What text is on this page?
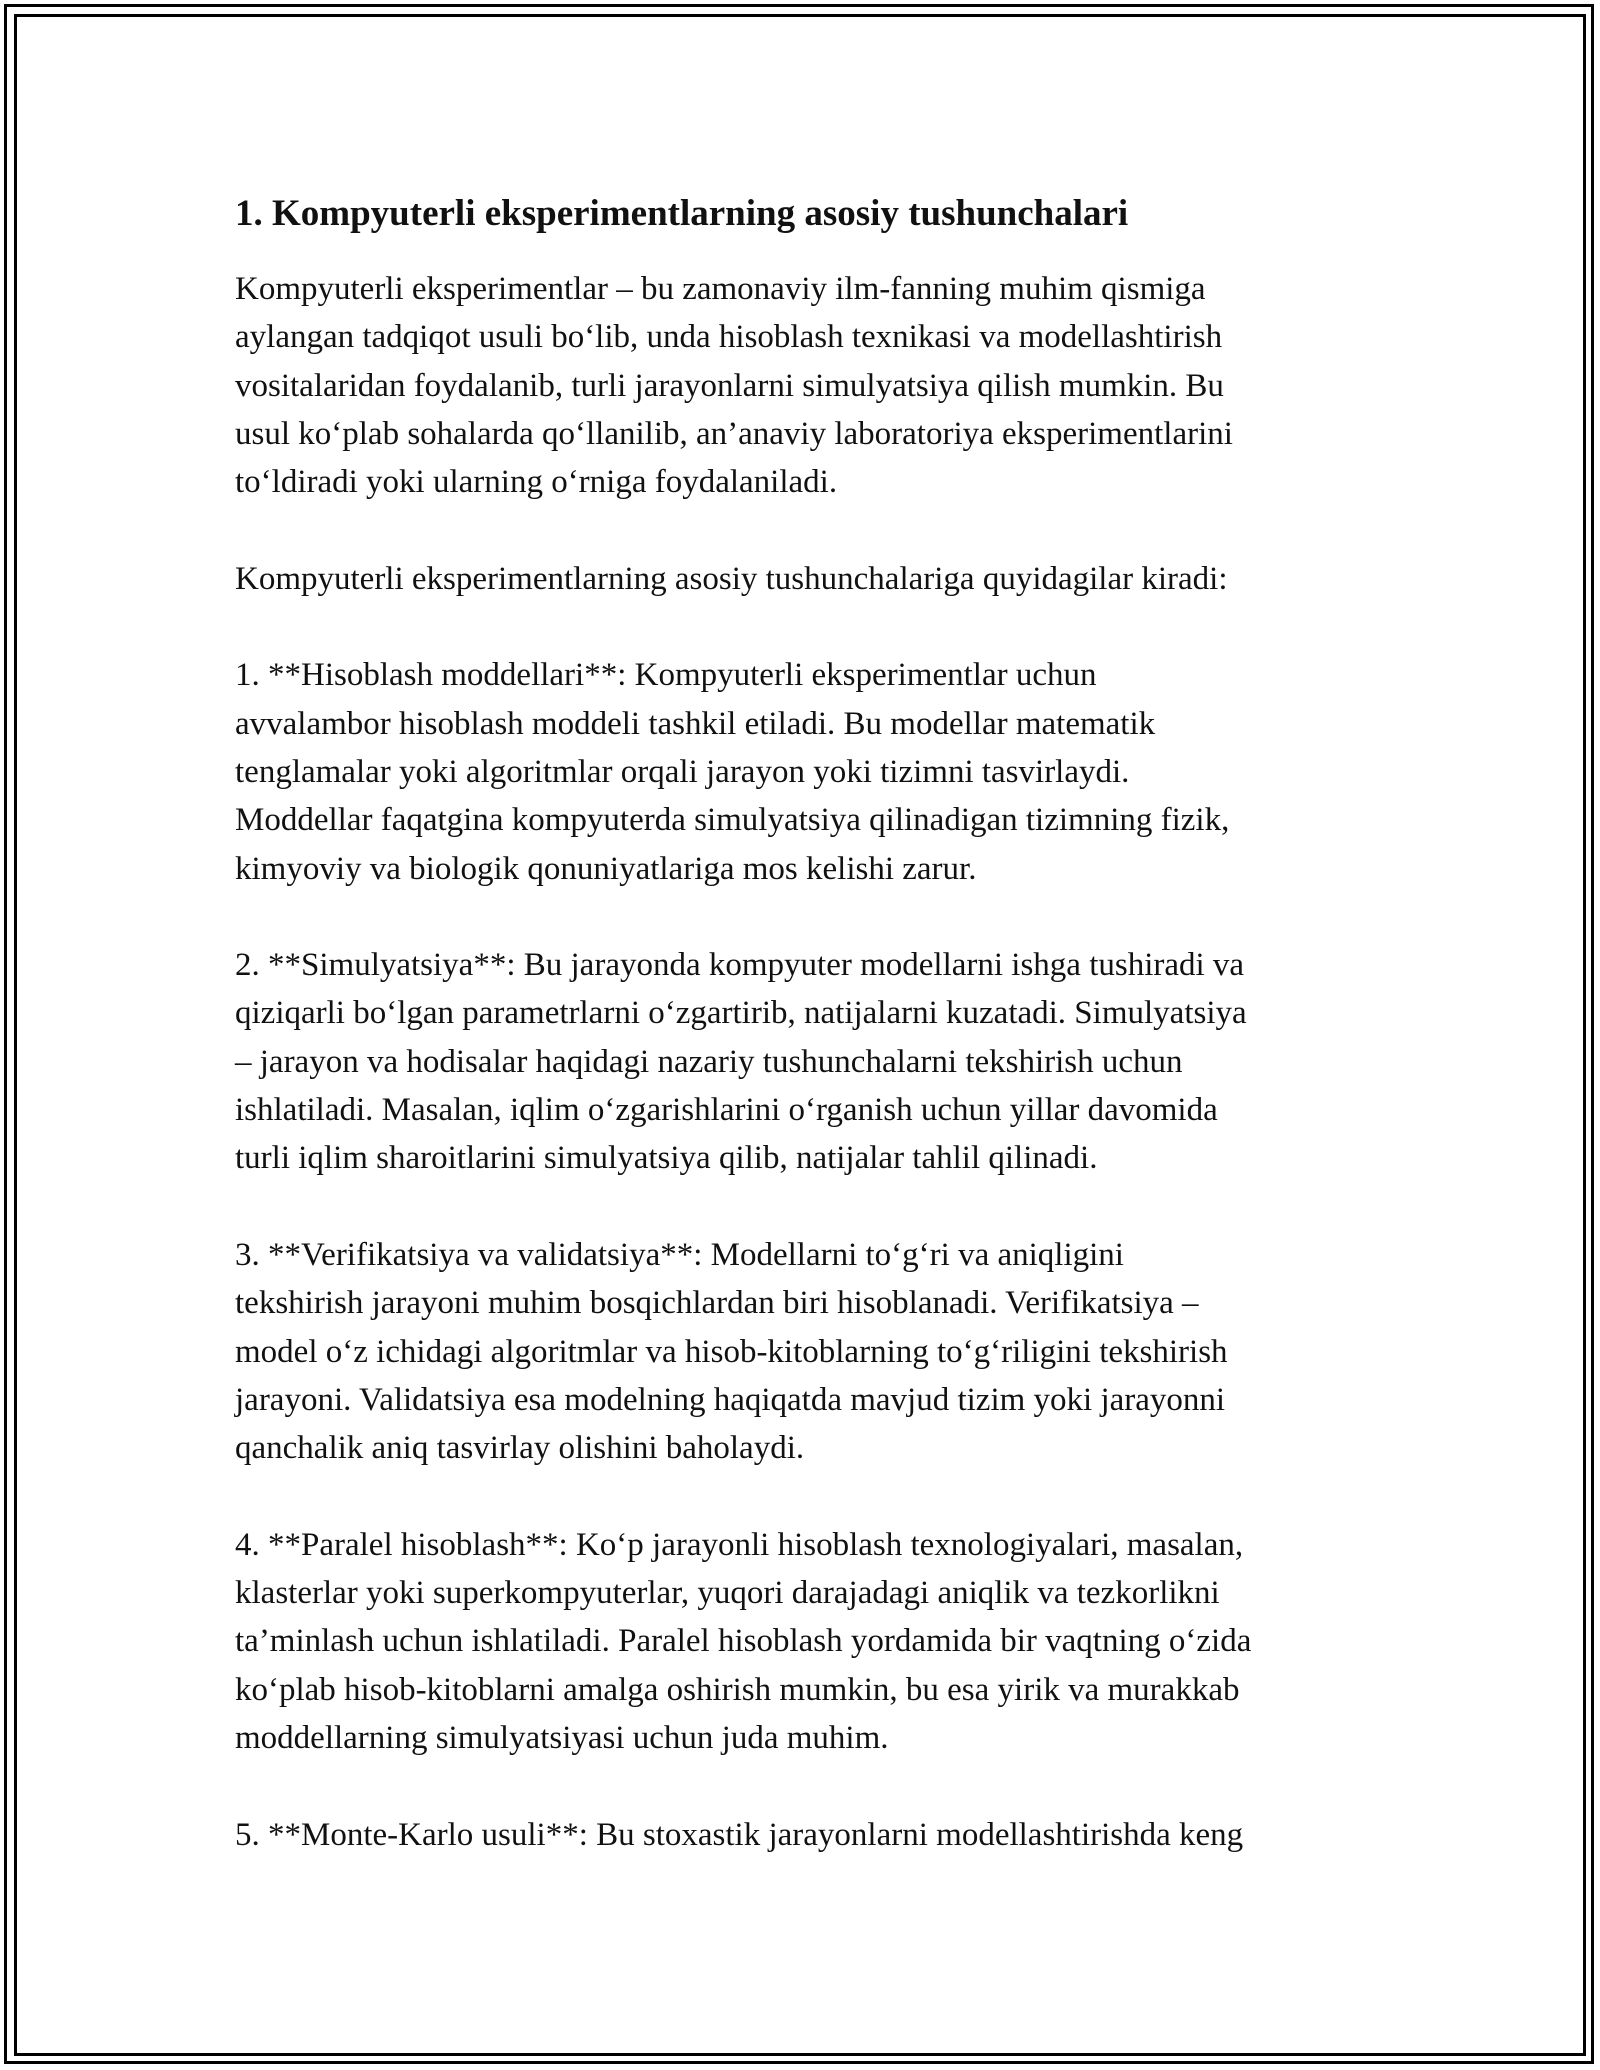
1. Kompyuterli eksperimentlarning asosiy tushunchalari
Kompyuterli eksperimentlar – bu zamonaviy ilm-fanning muhim qismiga
aylangan tadqiqot usuli bo‘lib, unda hisoblash texnikasi va modellashtirish
vositalaridan foydalanib, turli jarayonlarni simulyatsiya qilish mumkin. Bu
usul ko‘plab sohalarda qo‘llanilib, an’anaviy laboratoriya eksperimentlarini
to‘ldiradi yoki ularning o‘rniga foydalaniladi.
Kompyuterli eksperimentlarning asosiy tushunchalariga quyidagilar kiradi:
1. **Hisoblash moddellari**: Kompyuterli eksperimentlar uchun
avvalambor hisoblash moddeli tashkil etiladi. Bu modellar matematik
tenglamalar yoki algoritmlar orqali jarayon yoki tizimni tasvirlaydi.
Moddellar faqatgina kompyuterda simulyatsiya qilinadigan tizimning fizik,
kimyoviy va biologik qonuniyatlariga mos kelishi zarur.
2. **Simulyatsiya**: Bu jarayonda kompyuter modellarni ishga tushiradi va
qiziqarli bo‘lgan parametrlarni o‘zgartirib, natijalarni kuzatadi. Simulyatsiya
– jarayon va hodisalar haqidagi nazariy tushunchalarni tekshirish uchun
ishlatiladi. Masalan, iqlim o‘zgarishlarini o‘rganish uchun yillar davomida
turli iqlim sharoitlarini simulyatsiya qilib, natijalar tahlil qilinadi.
3. **Verifikatsiya va validatsiya**: Modellarni to‘g‘ri va aniqligini
tekshirish jarayoni muhim bosqichlardan biri hisoblanadi. Verifikatsiya –
model o‘z ichidagi algoritmlar va hisob-kitoblarning to‘g‘riligini tekshirish
jarayoni. Validatsiya esa modelning haqiqatda mavjud tizim yoki jarayonni
qanchalik aniq tasvirlay olishini baholaydi.
4. **Paralel hisoblash**: Ko‘p jarayonli hisoblash texnologiyalari, masalan,
klasterlar yoki superkompyuterlar, yuqori darajadagi aniqlik va tezkorlikni
ta’minlash uchun ishlatiladi. Paralel hisoblash yordamida bir vaqtning o‘zida
ko‘plab hisob-kitoblarni amalga oshirish mumkin, bu esa yirik va murakkab
moddellarning simulyatsiyasi uchun juda muhim.
5. **Monte-Karlo usuli**: Bu stoxastik jarayonlarni modellashtirishda keng
